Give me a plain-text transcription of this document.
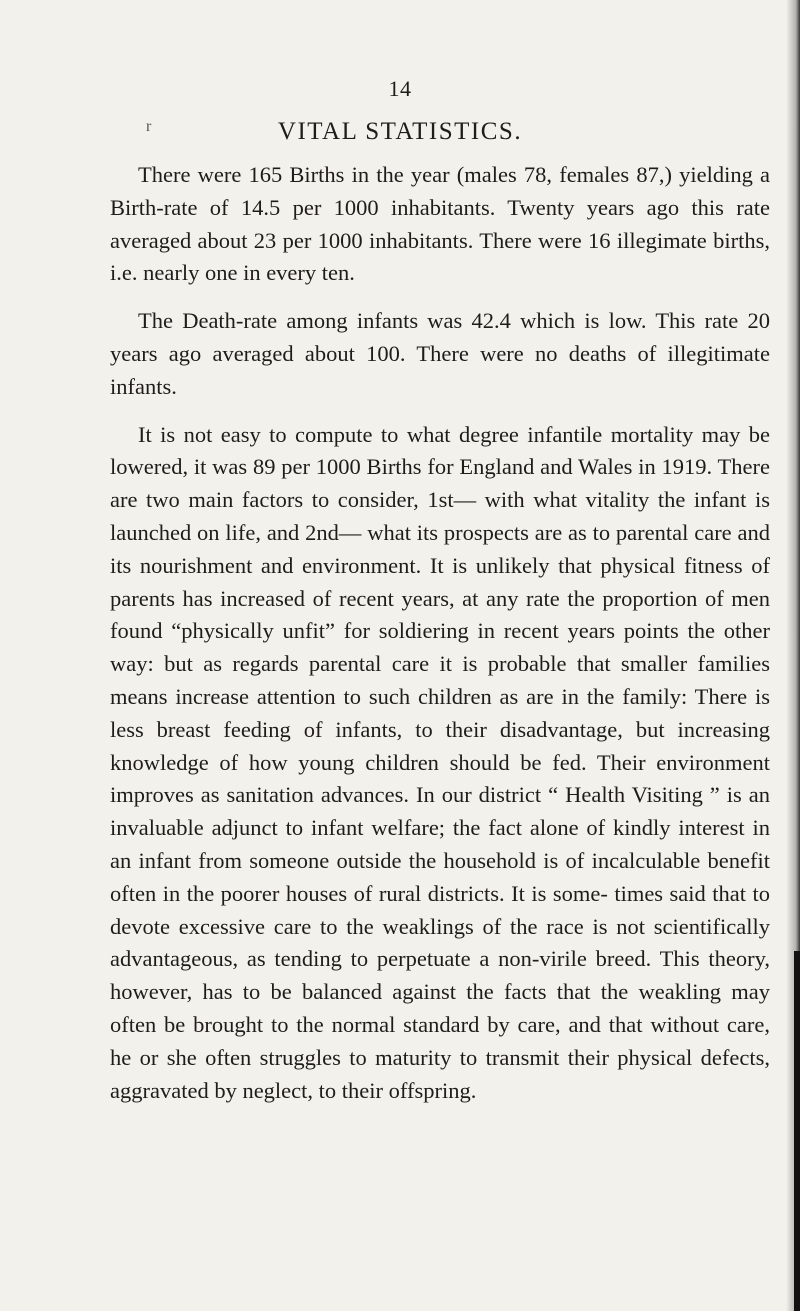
14
r	VITAL STATISTICS.

There were 165 Births in the year (males 78, females 87,) yielding a Birth-rate of 14.5 per 1000 inhabitants. Twenty years ago this rate averaged about 23 per 1000 inhabitants. There were 16 illegimate births, i.e. nearly one in every ten.

The Death-rate among infants was 42.4 which is low. This rate 20 years ago averaged about 100. There were no deaths of illegitimate infants.

It is not easy to compute to what degree infantile mortality may be lowered, it was 89 per 1000 Births for England and Wales in 1919. There are two main factors to consider, 1st— with what vitality the infant is launched on life, and 2nd— what its prospects are as to parental care and its nourishment and environment. It is unlikely that physical fitness of parents has increased of recent years, at any rate the proportion of men found “physically unfit” for soldiering in recent years points the other way: but as regards parental care it is probable that smaller families means increase attention to such children as are in the family: There is less breast feeding of infants, to their disadvantage, but increasing knowledge of how young children should be fed. Their environment improves as sanitation advances. In our district “ Health Visiting ” is an invaluable adjunct to infant welfare; the fact alone of kindly interest in an infant from someone outside the household is of incalculable benefit often in the poorer houses of rural districts. It is some- times said that to devote excessive care to the weaklings of the race is not scientifically advantageous, as tending to perpetuate a non-virile breed. This theory, however, has to be balanced against the facts that the weakling may often be brought to the normal standard by care, and that without care, he or she often struggles to maturity to transmit their physical defects, aggravated by neglect, to their offspring.
